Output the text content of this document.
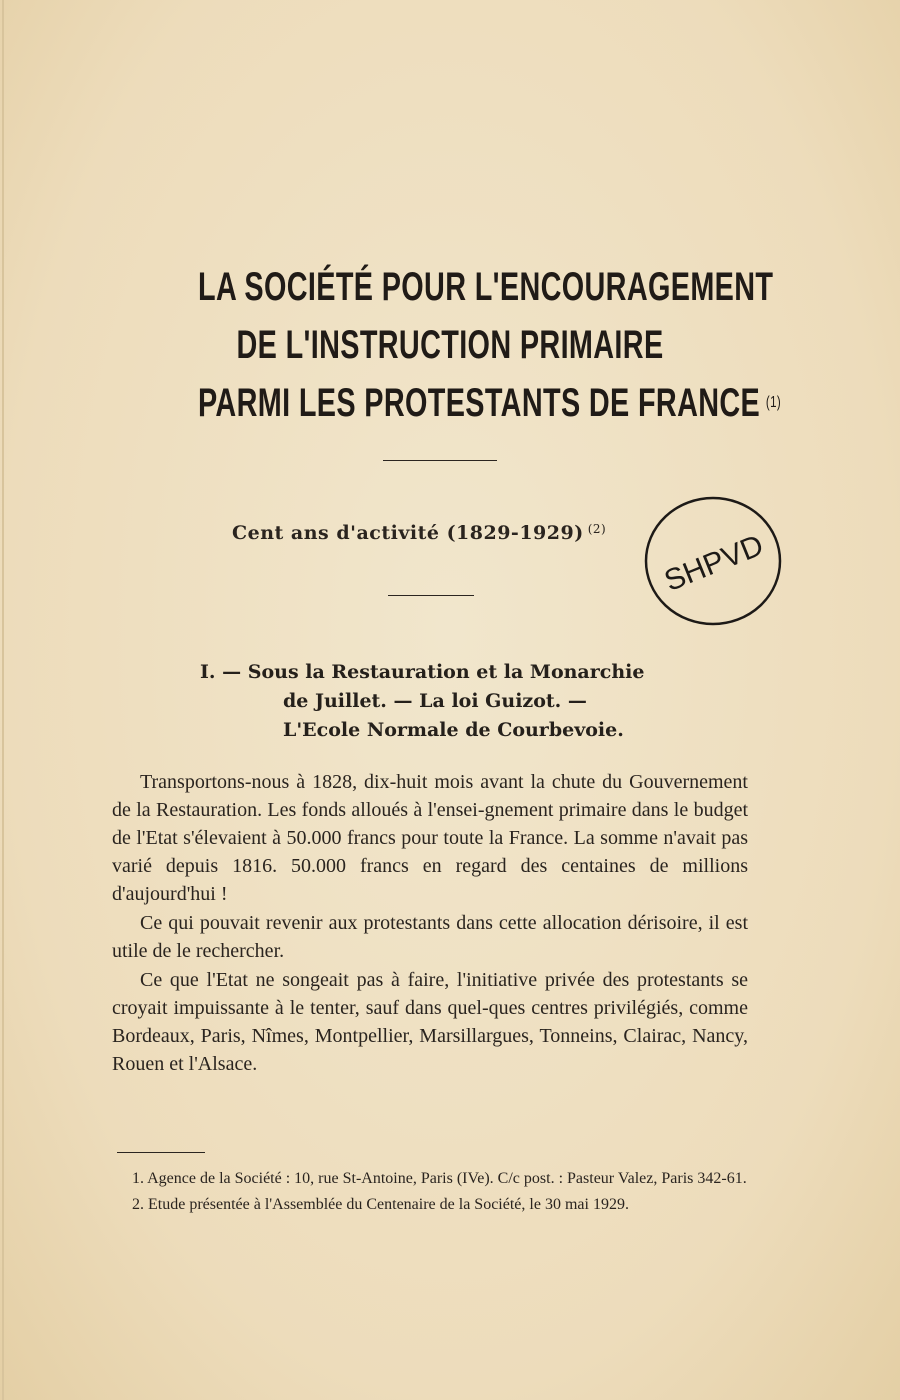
LA SOCIÉTÉ POUR L'ENCOURAGEMENT
DE L'INSTRUCTION PRIMAIRE
PARMI LES PROTESTANTS DE FRANCE $^{(1)}$
Cent ans d'activité (1829-1929) $^{(2)}$ SHPVD
I. — Sous la Restauration et la Monarchie
de Juillet. — La loi Guizot. —
L'Ecole Normale de Courbevoie.

Transportons-nous à 1828, dix-huit mois avant la chute du Gouvernement de la Restauration. Les fonds alloués à l'ensei-gnement primaire dans le budget de l'Etat s'élevaient à 50.000 francs pour toute la France. La somme n'avait pas varié depuis 1816. 50.000 francs en regard des centaines de millions d'aujourd'hui !

Ce qui pouvait revenir aux protestants dans cette allocation dérisoire, il est utile de le rechercher.

Ce que l'Etat ne songeait pas à faire, l'initiative privée des protestants se croyait impuissante à le tenter, sauf dans quel-ques centres privilégiés, comme Bordeaux, Paris, Nîmes, Montpellier, Marsillargues, Tonneins, Clairac, Nancy, Rouen et l'Alsace.

1. Agence de la Société : 10, rue St-Antoine, Paris (IVe). C/c post. : Pasteur Valez, Paris 342-61.

2. Etude présentée à l'Assemblée du Centenaire de la Société, le 30 mai 1929.
